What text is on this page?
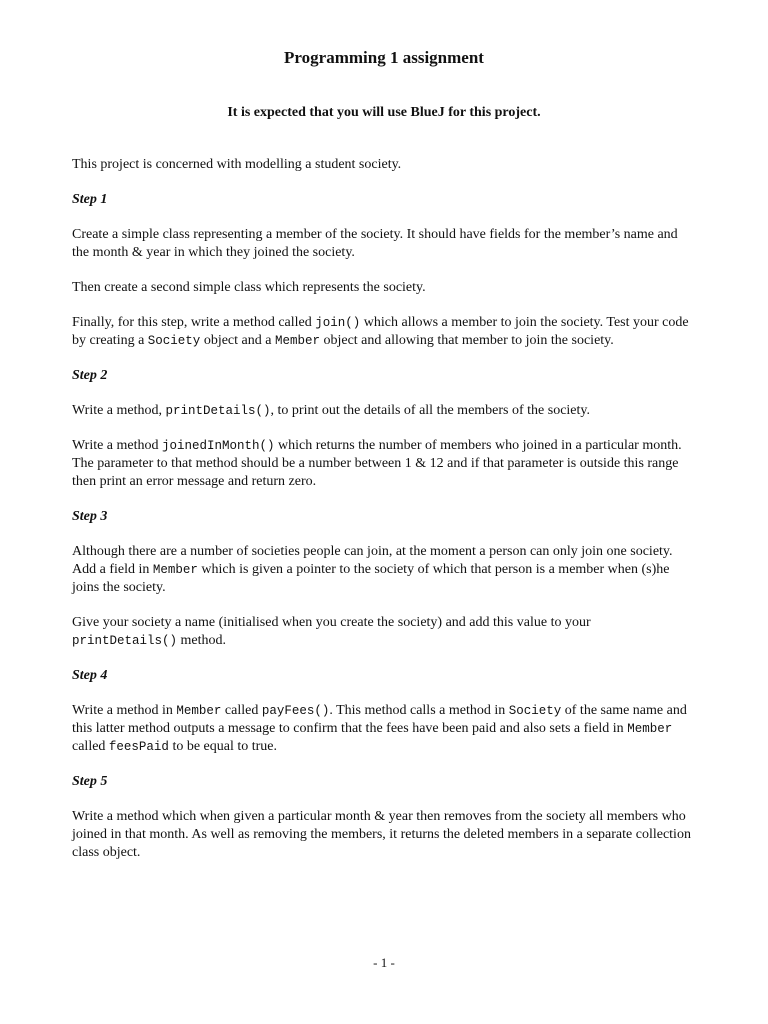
Programming 1 assignment

It is expected that you will use BlueJ for this project.

This project is concerned with modelling a student society.

Step 1

Create a simple class representing a member of the society. It should have fields for the member’s name and the month & year in which they joined the society.

Then create a second simple class which represents the society.

Finally, for this step, write a method called join() which allows a member to join the society. Test your code by creating a Society object and a Member object and allowing that member to join the society.

Step 2

Write a method, printDetails(), to print out the details of all the members of the society.

Write a method joinedInMonth() which returns the number of members who joined in a particular month. The parameter to that method should be a number between 1 & 12 and if that parameter is outside this range then print an error message and return zero.

Step 3

Although there are a number of societies people can join, at the moment a person can only join one society. Add a field in Member which is given a pointer to the society of which that person is a member when (s)he joins the society.

Give your society a name (initialised when you create the society) and add this value to your printDetails() method.

Step 4

Write a method in Member called payFees(). This method calls a method in Society of the same name and this latter method outputs a message to confirm that the fees have been paid and also sets a field in Member called feesPaid to be equal to true.

Step 5

Write a method which when given a particular month & year then removes from the society all members who joined in that month. As well as removing the members, it returns the deleted members in a separate collection class object.

- 1 -
